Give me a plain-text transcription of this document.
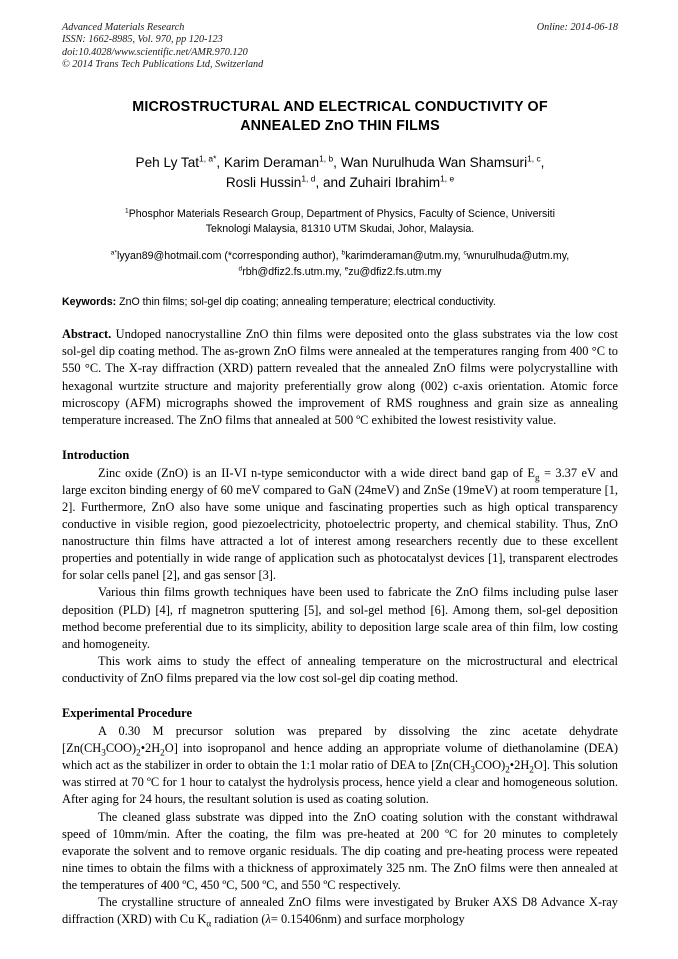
Advanced Materials Research
ISSN: 1662-8985, Vol. 970, pp 120-123
doi:10.4028/www.scientific.net/AMR.970.120
© 2014 Trans Tech Publications Ltd, Switzerland
Online: 2014-06-18
MICROSTRUCTURAL AND ELECTRICAL CONDUCTIVITY OF
ANNEALED ZnO THIN FILMS
Peh Ly Tat$^{1, a*}$, Karim Deraman$^{1, b}$, Wan Nurulhuda Wan Shamsuri$^{1, c}$,
Rosli Hussin$^{1, d}$, and Zuhairi Ibrahim$^{1, e}$
$^1$Phosphor Materials Research Group, Department of Physics, Faculty of Science, Universiti
Teknologi Malaysia, 81310 UTM Skudai, Johor, Malaysia.
$^{a*}$lyyan89@hotmail.com (*corresponding author), $^b$karimderaman@utm.my, $^c$wnurulhuda@utm.my,
$^d$rbh@dfiz2.fs.utm.my, $^e$zu@dfiz2.fs.utm.my
Keywords: ZnO thin films; sol-gel dip coating; annealing temperature; electrical conductivity.
Abstract. Undoped nanocrystalline ZnO thin films were deposited onto the glass substrates via the low cost sol-gel dip coating method. The as-grown ZnO films were annealed at the temperatures ranging from 400 °C to 550 °C. The X-ray diffraction (XRD) pattern revealed that the annealed ZnO films were polycrystalline with hexagonal wurtzite structure and majority preferentially grow along (002) c-axis orientation. Atomic force microscopy (AFM) micrographs showed the improvement of RMS roughness and grain size as annealing temperature increased. The ZnO films that annealed at 500 ºC exhibited the lowest resistivity value.
Introduction

Zinc oxide (ZnO) is an II-VI n-type semiconductor with a wide direct band gap of $E_g = 3.37$ eV and large exciton binding energy of 60 meV compared to GaN (24meV) and ZnSe (19meV) at room temperature [1, 2]. Furthermore, ZnO also have some unique and fascinating properties such as high optical transparency conductive in visible region, good piezoelectricity, photoelectric property, and chemical stability. Thus, ZnO nanostructure thin films have attracted a lot of interest among researchers recently due to these excellent properties and potentially in wide range of application such as photocatalyst devices [1], transparent electrodes for solar cells panel [2], and gas sensor [3].

Various thin films growth techniques have been used to fabricate the ZnO films including pulse laser deposition (PLD) [4], rf magnetron sputtering [5], and sol-gel method [6]. Among them, sol-gel deposition method become preferential due to its simplicity, ability to deposition large scale area of thin film, low costing and homogeneity.

This work aims to study the effect of annealing temperature on the microstructural and electrical conductivity of ZnO films prepared via the low cost sol-gel dip coating method.

Experimental Procedure

A 0.30 M precursor solution was prepared by dissolving the zinc acetate dehydrate $[Zn(CH_3COO)_2•2H_2O]$ into isopropanol and hence adding an appropriate volume of diethanolamine (DEA) which act as the stabilizer in order to obtain the 1:1 molar ratio of DEA to $[Zn(CH_3COO)_2•2H_2O]$. This solution was stirred at 70 ºC for 1 hour to catalyst the hydrolysis process, hence yield a clear and homogeneous solution. After aging for 24 hours, the resultant solution is used as coating solution.

The cleaned glass substrate was dipped into the ZnO coating solution with the constant withdrawal speed of 10mm/min. After the coating, the film was pre-heated at 200 ºC for 20 minutes to completely evaporate the solvent and to remove organic residuals. The dip coating and pre-heating process were repeated nine times to obtain the films with a thickness of approximately 325 nm. The ZnO films were then annealed at the temperatures of 400 ºC, 450 ºC, 500 ºC, and 550 ºC respectively.

The crystalline structure of annealed ZnO films were investigated by Bruker AXS D8 Advance X-ray diffraction (XRD) with Cu $K_\alpha$ radiation (λ= 0.15406nm) and surface morphology
